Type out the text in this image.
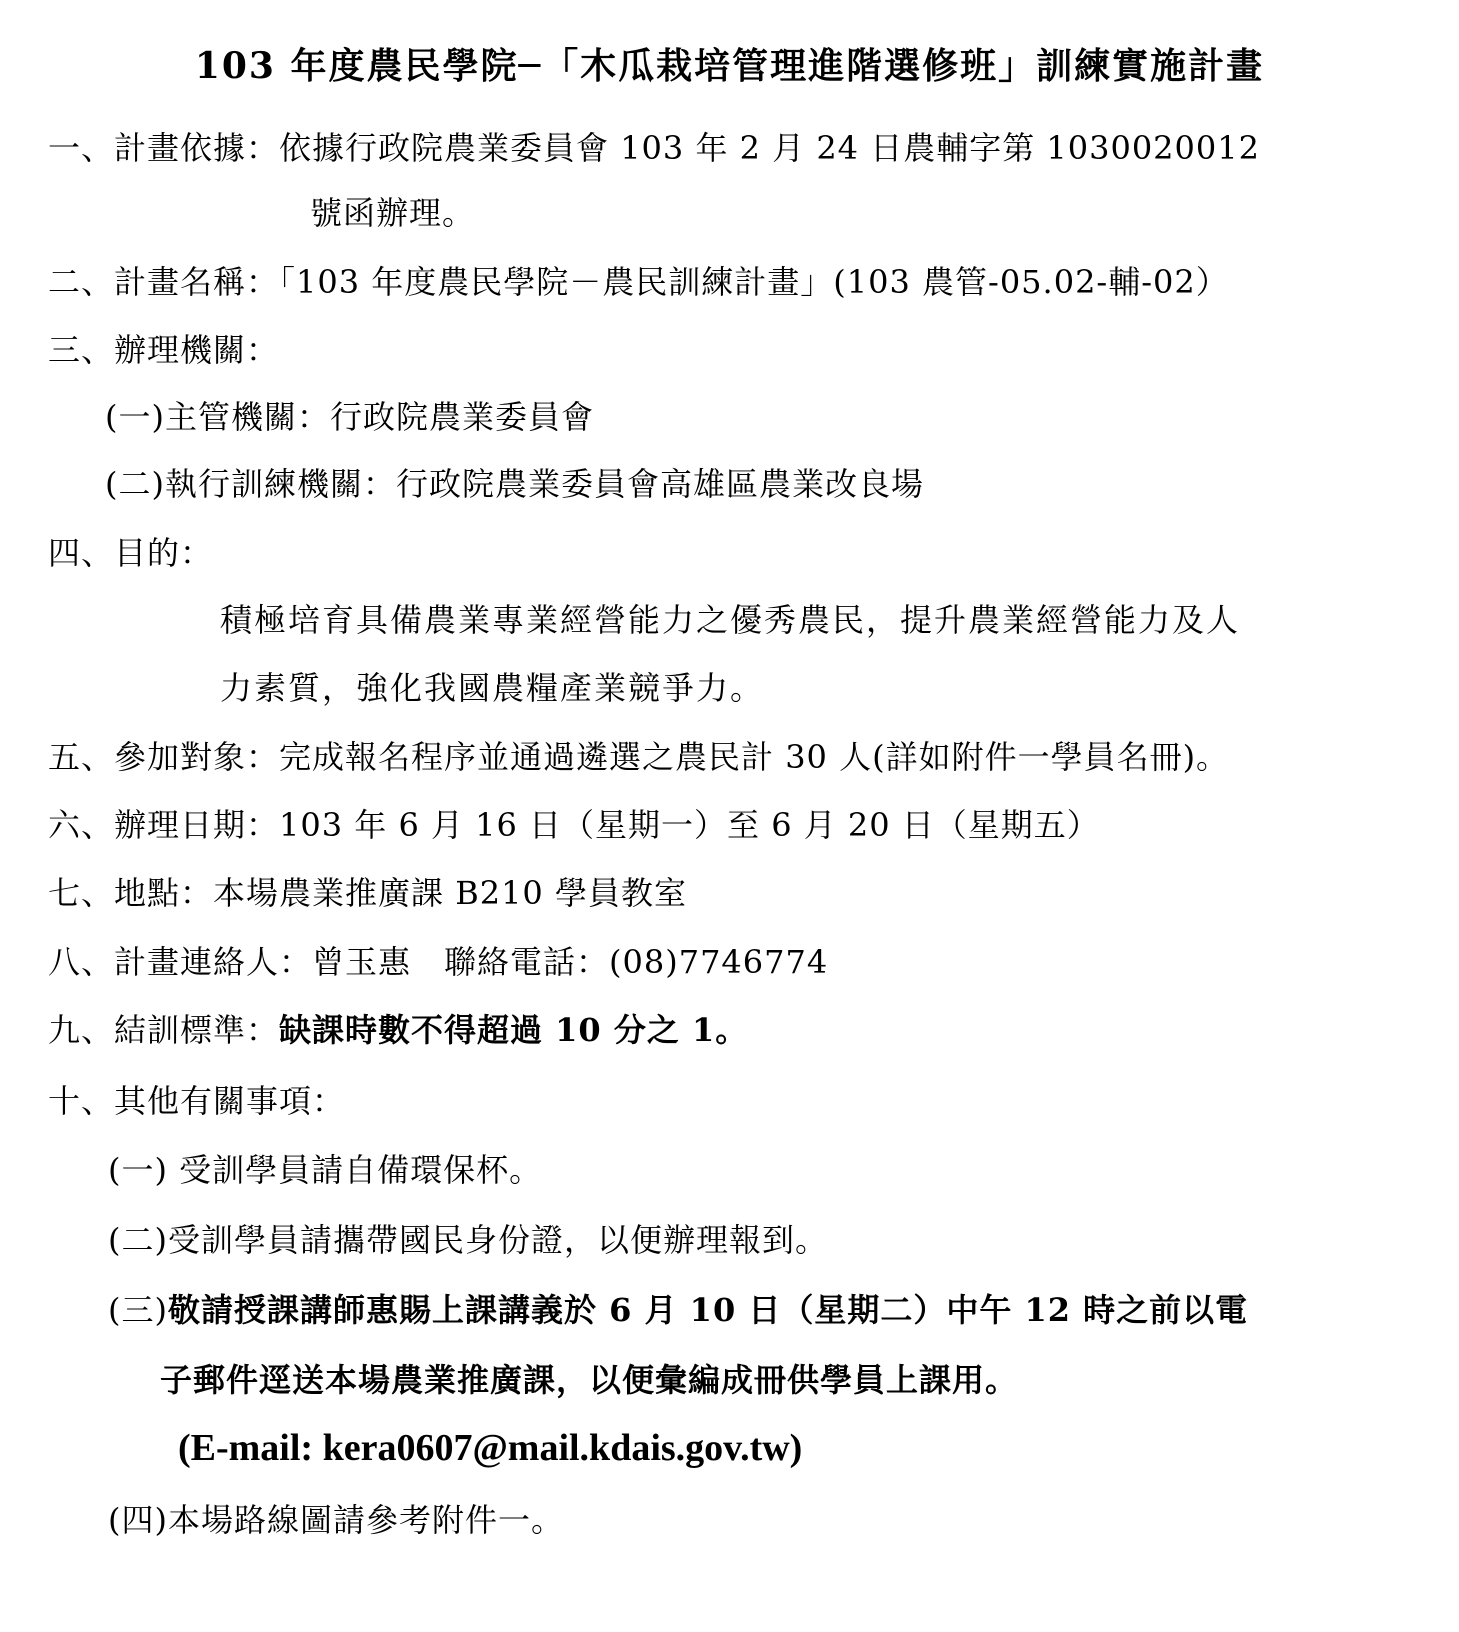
103 年度農民學院─「木瓜栽培管理進階選修班」訓練實施計畫
一、計畫依據：依據行政院農業委員會 103 年 2 月 24 日農輔字第 1030020012
號函辦理。
二、計畫名稱：「103 年度農民學院－農民訓練計畫」(103 農管-05.02-輔-02）
三、辦理機關：
(一)主管機關：行政院農業委員會
(二)執行訓練機關：行政院農業委員會高雄區農業改良場
四、目的：
積極培育具備農業專業經營能力之優秀農民，提升農業經營能力及人
力素質，強化我國農糧產業競爭力。
五、參加對象：完成報名程序並通過遴選之農民計 30 人(詳如附件一學員名冊)。
六、辦理日期：103 年 6 月 16 日（星期一）至 6 月 20 日（星期五）
七、地點：本場農業推廣課 B210 學員教室
八、計畫連絡人：曾玉惠　聯絡電話：(08)7746774
九、結訓標準：缺課時數不得超過 10 分之 1。
十、其他有關事項：
(一) 受訓學員請自備環保杯。
(二)受訓學員請攜帶國民身份證，以便辦理報到。
(三)敬請授課講師惠賜上課講義於 6 月 10 日（星期二）中午 12 時之前以電
子郵件逕送本場農業推廣課，以便彙編成冊供學員上課用。
(E-mail: kera0607@mail.kdais.gov.tw)
(四)本場路線圖請參考附件一。
